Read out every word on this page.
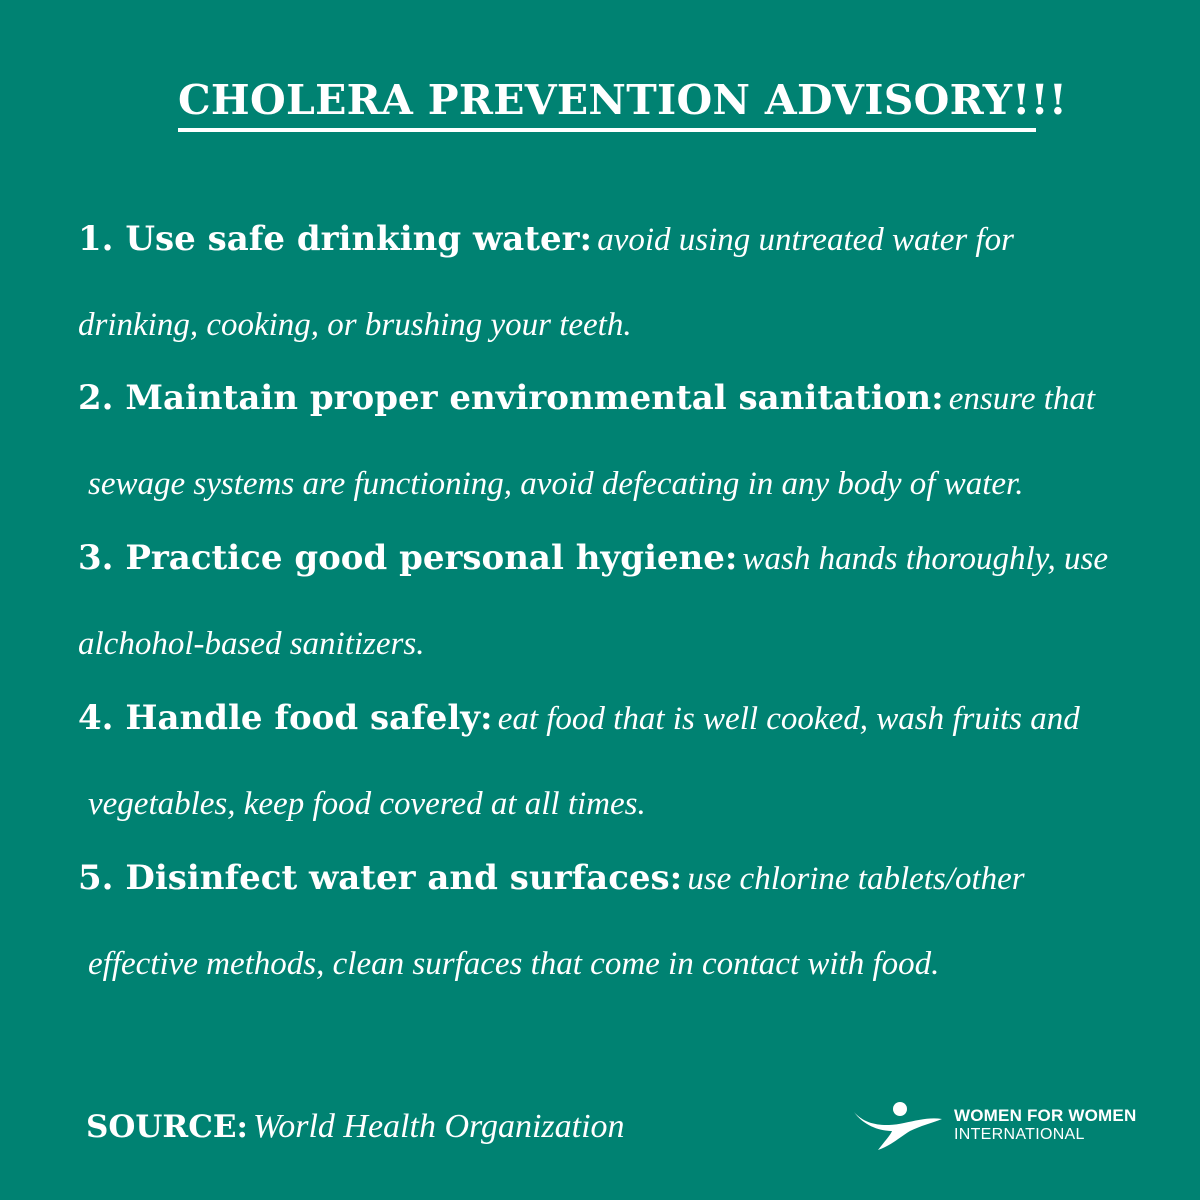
CHOLERA PREVENTION ADVISORY!!!
1. Use safe drinking water: avoid using untreated water for
drinking, cooking, or brushing your teeth.
2. Maintain proper environmental sanitation: ensure that
sewage systems are functioning, avoid defecating in any body of water.
3. Practice good personal hygiene: wash hands thoroughly, use
alchohol-based sanitizers.
4. Handle food safely: eat food that is well cooked, wash fruits and
vegetables, keep food covered at all times.
5. Disinfect water and surfaces: use chlorine tablets/other
effective methods, clean surfaces that come in contact with food.
SOURCE: World Health Organization	WOMEN FOR WOMEN
INTERNATIONAL
